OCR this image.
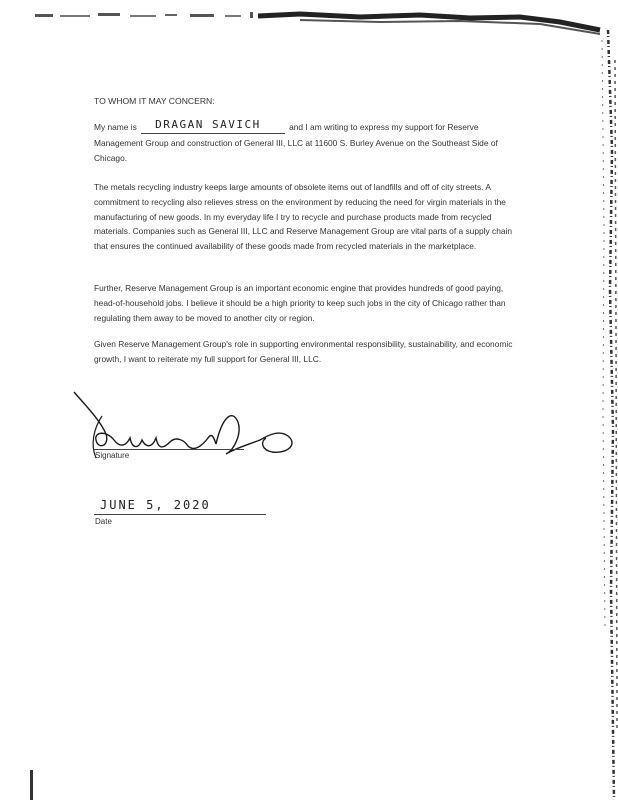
TO WHOM IT MAY CONCERN:
My name is DRAGAN SAVICH	and I am writing to express my support for Reserve Management Group and construction of General III, LLC at 11600 S. Burley Avenue on the Southeast Side of Chicago.
The metals recycling industry keeps large amounts of obsolete items out of landfills and off of city streets. A commitment to recycling also relieves stress on the environment by reducing the need for virgin materials in the manufacturing of new goods. In my everyday life I try to recycle and purchase products made from recycled materials. Companies such as General III, LLC and Reserve Management Group are vital parts of a supply chain that ensures the continued availability of these goods made from recycled materials in the marketplace.
Further, Reserve Management Group is an important economic engine that provides hundreds of good paying, head-of-household jobs. I believe it should be a high priority to keep such jobs in the city of Chicago rather than regulating them away to be moved to another city or region.
Given Reserve Management Group's role in supporting environmental responsibility, sustainability, and economic growth, I want to reiterate my full support for General III, LLC.
Signature
JUNE 5, 2020
Date
